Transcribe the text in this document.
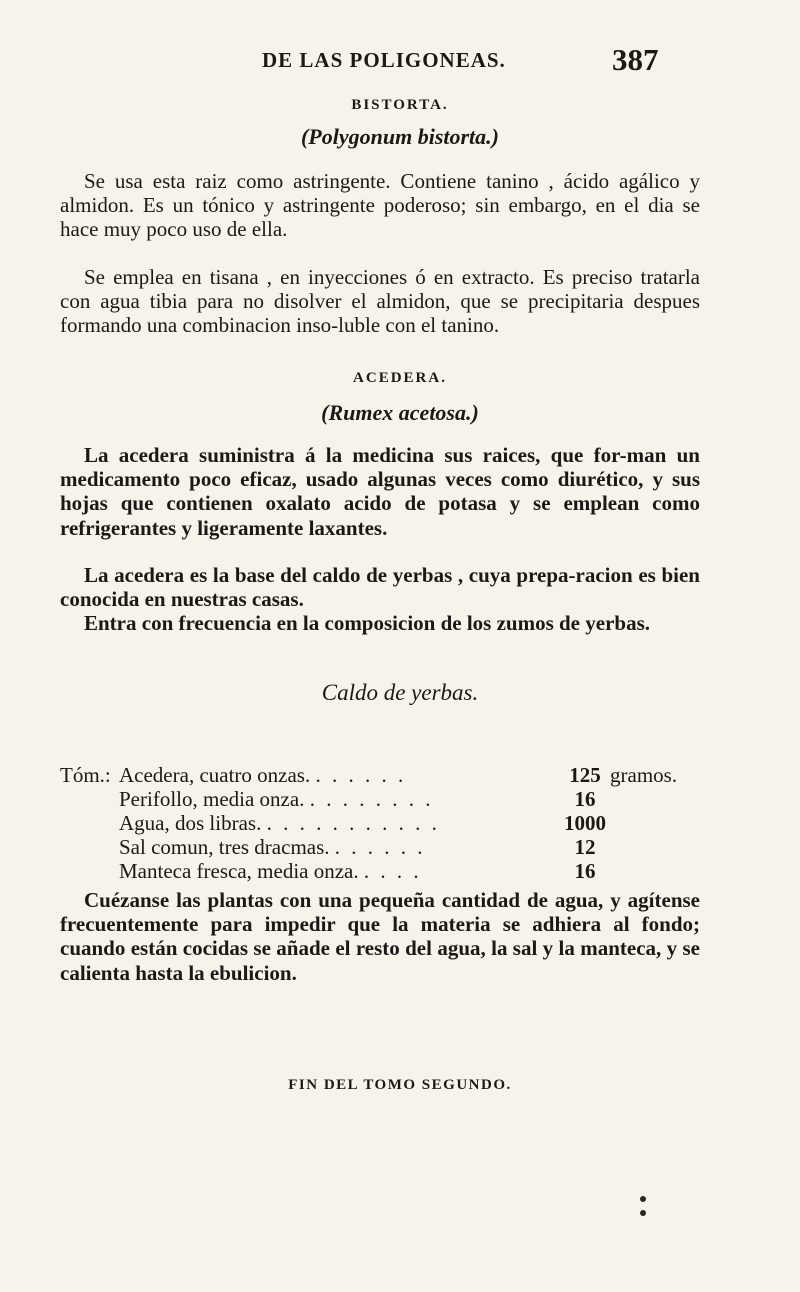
DE LAS POLIGONEAS.	387
BISTORTA.
(Polygonum bistorta.)

Se usa esta raiz como astringente. Contiene tanino , ácido agálico y almidon. Es un tónico y astringente poderoso; sin embargo, en el dia se hace muy poco uso de ella.

Se emplea en tisana , en inyecciones ó en extracto. Es preciso tratarla con agua tibia para no disolver el almidon, que se precipitaria despues formando una combinacion inso-luble con el tanino.

ACEDERA.
(Rumex acetosa.)

La acedera suministra á la medicina sus raices, que for-man un medicamento poco eficaz, usado algunas veces como diurético, y sus hojas que contienen oxalato acido de potasa y se emplean como refrigerantes y ligeramente laxantes.

La acedera es la base del caldo de yerbas , cuya prepa-racion es bien conocida en nuestras casas.

Entra con frecuencia en la composicion de los zumos de yerbas.

Caldo de yerbas.
Tóm.: Acedera, cuatro onzas. . . . . . .	125 gramos.
Perifollo, media onza. . . . . . . . .	16
Agua, dos libras. . . . . . . . . . . .	1000
Sal comun, tres dracmas. . . . . . .	12
Manteca fresca, media onza. . . . .	16

Cuézanse las plantas con una pequeña cantidad de agua, y agítense frecuentemente para impedir que la materia se adhiera al fondo; cuando están cocidas se añade el resto del agua, la sal y la manteca, y se calienta hasta la ebulicion.

FIN DEL TOMO SEGUNDO.
